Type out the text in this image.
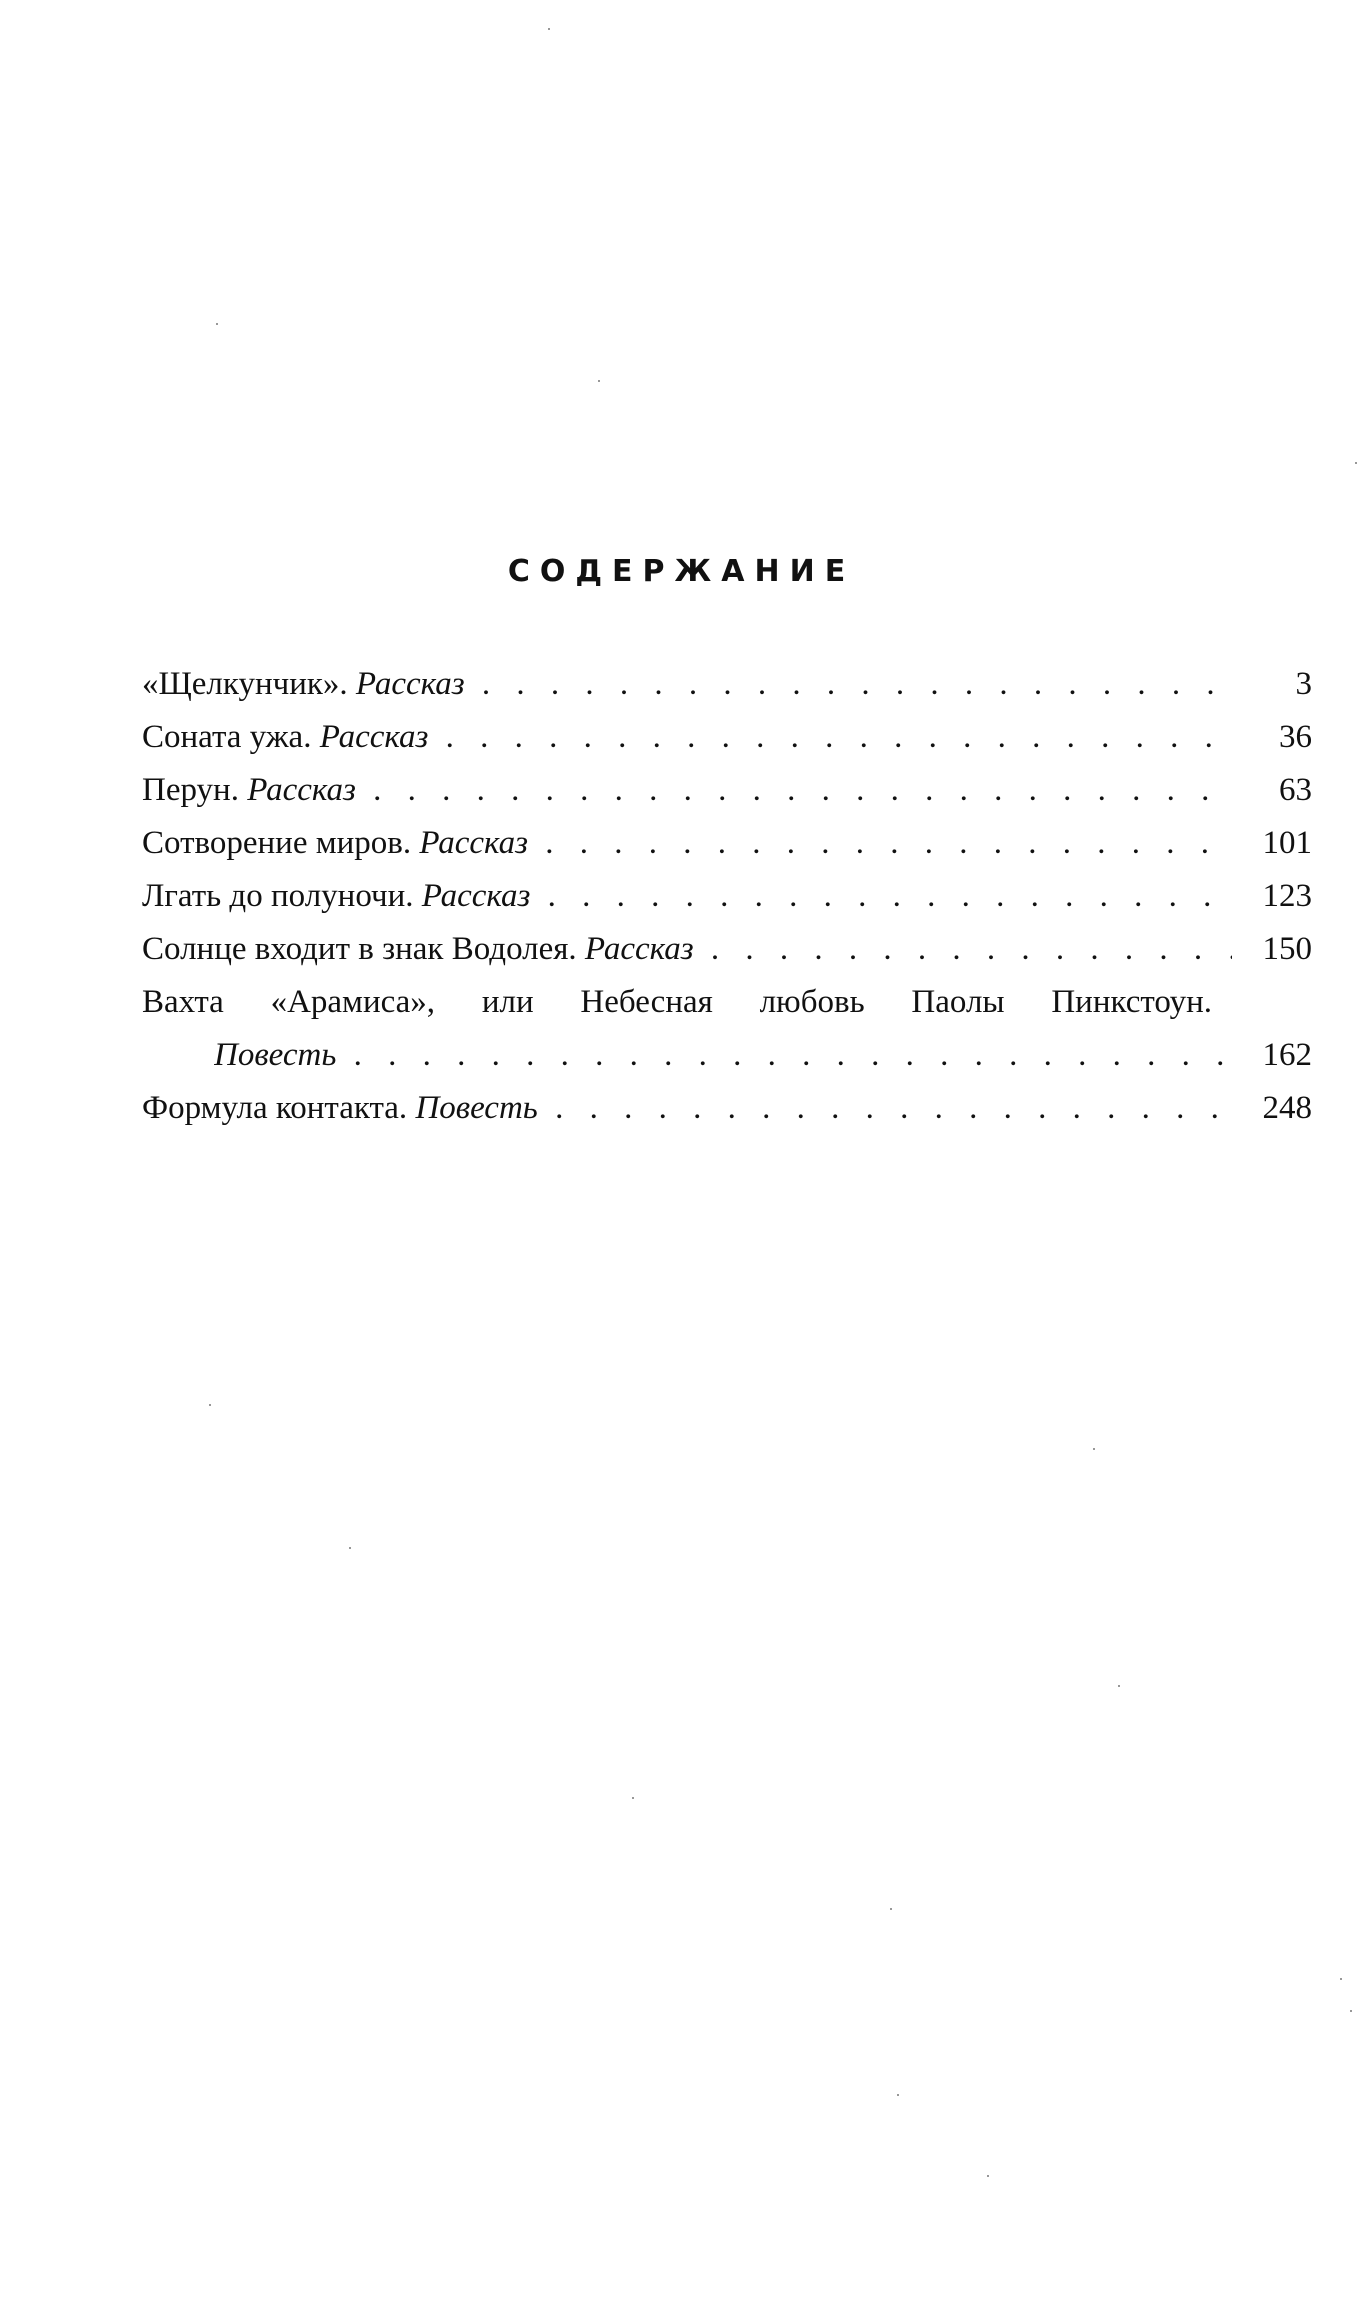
СОДЕРЖАНИЕ
«Щелкунчик». Рассказ . . .	3
Соната ужа. Рассказ . . .	36
Перун. Рассказ . . .	63
Сотворение миров. Рассказ . . .	101
Лгать до полуночи. Рассказ . . .	123
Солнце входит в знак Водолея. Рассказ . . .	150
Вахта «Арамиса», или Небесная любовь Паолы Пинкстоун.
Повесть . . .	162
Формула контакта. Повесть . . .	248
